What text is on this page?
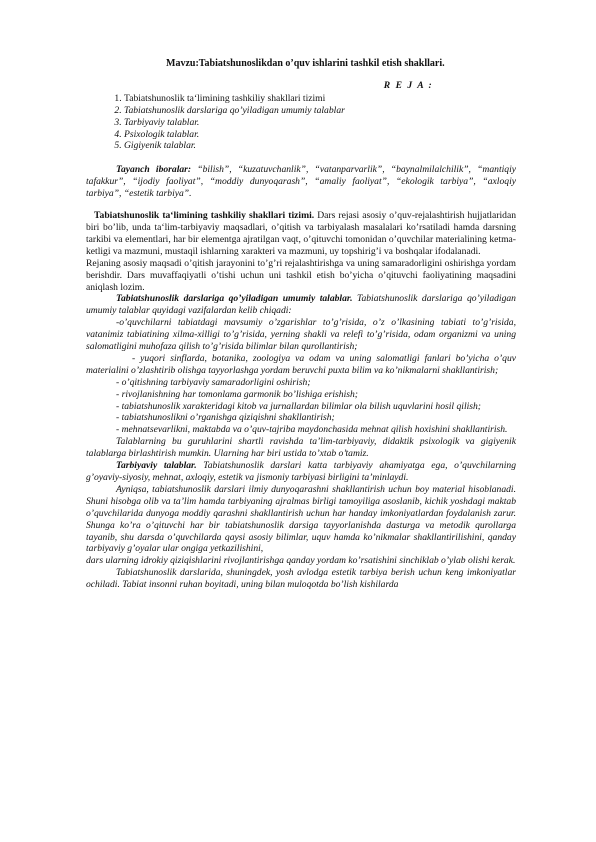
Mavzu:Tabiatshunoslikdan o’quv ishlarini tashkil etish shakllari.

R E J A :

1. Tabiatshunoslik ta‘limining tashkiliy shakllari tizimi
2. Tabiatshunoslik darslariga qo’yiladigan umumiy talablar
3. Tarbiyaviy talablar.
4. Psixologik talablar.
5. Gigiyenik talablar.

Tayanch iboralar: “bilish”, “kuzatuvchanlik”, “vatanparvarlik”, “baynalmilalchilik”, “mantiqiy tafakkur”, “ijodiy faoliyat”, “moddiy dunyoqarash”, “amaliy faoliyat”, “ekologik tarbiya”, “axloqiy tarbiya”, “estetik tarbiya”.

Tabiatshunoslik ta‘limining tashkiliy shakllari tizimi. Dars rejasi asosiy o’quv-rejalashtirish hujjatlaridan biri bo’lib, unda ta‘lim-tarbiyaviy maqsadlari, o’qitish va tarbiyalash masalalari ko’rsatiladi hamda darsning tarkibi va elementlari, har bir elementga ajratilgan vaqt, o’qituvchi tomonidan o’quvchilar materialining ketma-ketligi va mazmuni, mustaqil ishlarning xarakteri va mazmuni, uy topshirig’i va boshqalar ifodalanadi.

Rejaning asosiy maqsadi o’qitish jarayonini to’g’ri rejalashtirishga va uning samaradorligini oshirishga yordam berishdir. Dars muvaffaqiyatli o’tishi uchun uni tashkil etish bo’yicha o’qituvchi faoliyatining maqsadini aniqlash lozim.

Tabiatshunoslik darslariga qo’yiladigan umumiy talablar. Tabiatshunoslik darslariga qo’yiladigan umumiy talablar quyidagi vazifalardan kelib chiqadi:

-o’quvchilarni tabiatdagi mavsumiy o’zgarishlar to’g’risida, o’z o’lkasining tabiati to’g’risida, vatanimiz tabiatining xilma-xilligi to’g’risida, yerning shakli va relefi to’g’risida, odam organizmi va uning salomatligini muhofaza qilish to’g’risida bilimlar bilan qurollantirish;

- yuqori sinflarda, botanika, zoologiya va odam va uning salomatligi fanlari bo’yicha o’quv materialini o’zlashtirib olishga tayyorlashga yordam beruvchi puxta bilim va ko’nikmalarni shakllantirish;

- o’qitishning tarbiyaviy samaradorligini oshirish;

- rivojlanishning har tomonlama garmonik bo’lishiga erishish;

- tabiatshunoslik xarakteridagi kitob va jurnallardan bilimlar ola bilish uquvlarini hosil qilish;

- tabiatshunoslikni o’rganishga qiziqishni shakllantirish;

- mehnatsevarlikni, maktabda va o’quv-tajriba maydonchasida mehnat qilish hoxishini shakllantirish.

Talablarning bu guruhlarini shartli ravishda ta’lim-tarbiyaviy, didaktik psixologik va gigiyenik talablarga birlashtirish mumkin. Ularning har biri ustida to’xtab o’tamiz.

Tarbiyaviy talablar. Tabiatshunoslik darslari katta tarbiyaviy ahamiyatga ega, o’quvchilarning g’oyaviy-siyosiy, mehnat, axloqiy, estetik va jismoniy tarbiyasi birligini ta’minlaydi.

Ayniqsa, tabiatshunoslik darslari ilmiy dunyoqarashni shakllantirish uchun boy material hisoblanadi. Shuni hisobga olib va ta’lim hamda tarbiyaning ajralmas birligi tamoyiliga asoslanib, kichik yoshdagi maktab o’quvchilarida dunyoga moddiy qarashni shakllantirish uchun har handay imkoniyatlardan foydalanish zarur. Shunga ko’ra o’qituvchi har bir tabiatshunoslik darsiga tayyorlanishda dasturga va metodik qurollarga tayanib, shu darsda o’quvchilarda qaysi asosiy bilimlar, uquv hamda ko’nikmalar shakllantirilishini, qanday tarbiyaviy g’oyalar ular ongiga yetkazilishini,

dars ularning idrokiy qiziqishlarini rivojlantirishga qanday yordam ko’rsatishini sinchiklab o’ylab olishi kerak.

Tabiatshunoslik darslarida, shuningdek, yosh avlodga estetik tarbiya berish uchun keng imkoniyatlar ochiladi. Tabiat insonni ruhan boyitadi, uning bilan muloqotda bo’lish kishilarda
